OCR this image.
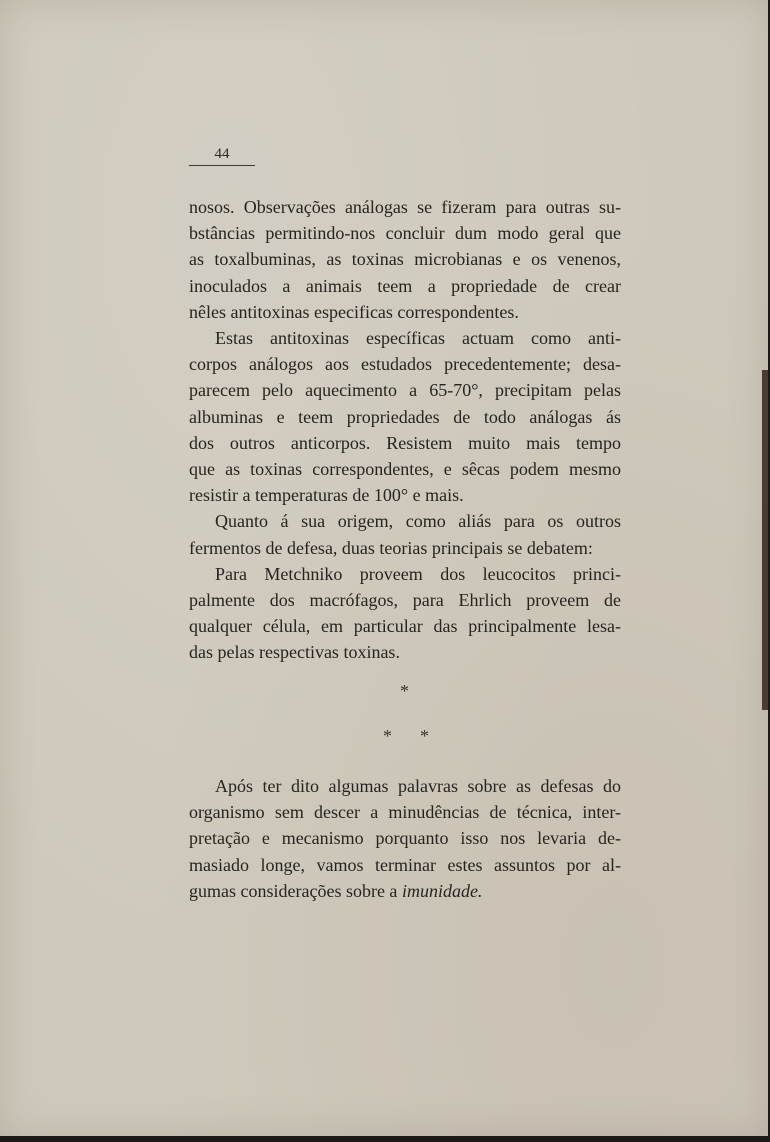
44
nosos. Observações análogas se fizeram para outras su-
bstâncias permitindo-nos concluir dum modo geral que
as toxalbuminas, as toxinas microbianas e os venenos,
inoculados a animais teem a propriedade de crear
nêles antitoxinas especificas correspondentes.
Estas antitoxinas específicas actuam como anti-
corpos análogos aos estudados precedentemente; desa-
parecem pelo aquecimento a 65-70°, precipitam pelas
albuminas e teem propriedades de todo análogas ás
dos outros anticorpos. Resistem muito mais tempo
que as toxinas correspondentes, e sêcas podem mesmo
resistir a temperaturas de 100° e mais.
Quanto á sua origem, como aliás para os outros
fermentos de defesa, duas teorias principais se debatem:
Para Metchniko proveem dos leucocitos princi-
palmente dos macrófagos, para Ehrlich proveem de
qualquer célula, em particular das principalmente lesa-
das pelas respectivas toxinas.
*
* *
Após ter dito algumas palavras sobre as defesas do
organismo sem descer a minudências de técnica, inter-
pretação e mecanismo porquanto isso nos levaria de-
masiado longe, vamos terminar estes assuntos por al-
gumas considerações sobre a imunidade.
